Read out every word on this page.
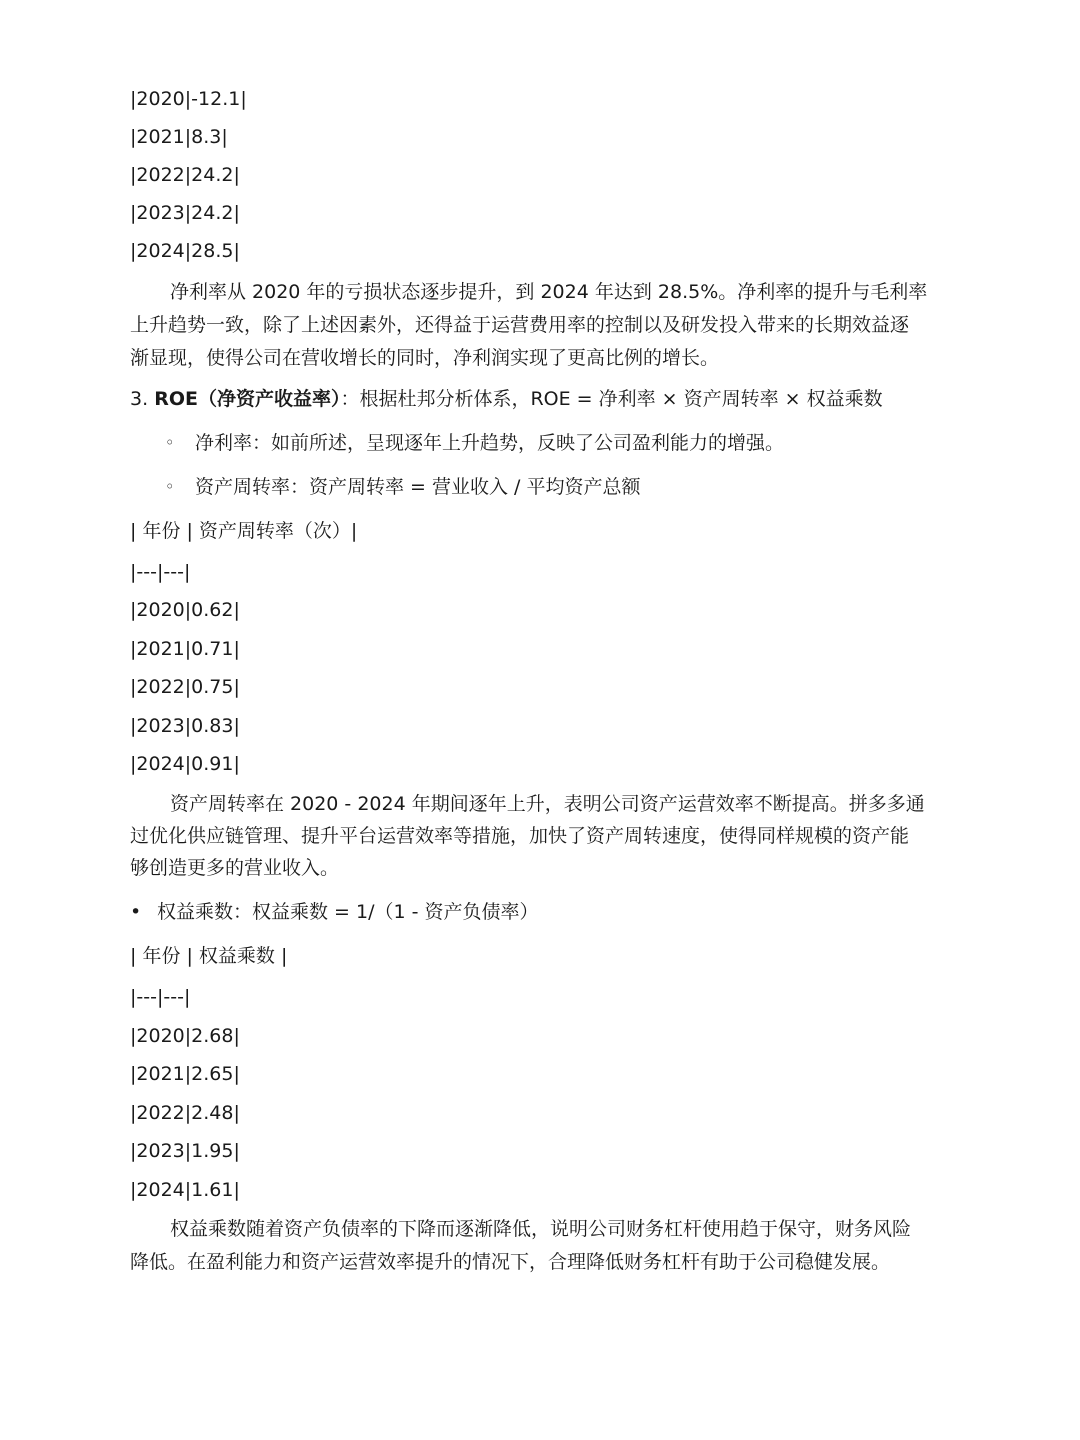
|2020|-12.1|
|2021|8.3|
|2022|24.2|
|2023|24.2|
|2024|28.5|
净利率从 2020 年的亏损状态逐步提升，到 2024 年达到 28.5%。净利率的提升与毛利率
上升趋势一致，除了上述因素外，还得益于运营费用率的控制以及研发投入带来的长期效益逐
渐显现，使得公司在营收增长的同时，净利润实现了更高比例的增长。
3. ROE（净资产收益率）：根据杜邦分析体系，ROE = 净利率 × 资产周转率 × 权益乘数
◦ 净利率：如前所述，呈现逐年上升趋势，反映了公司盈利能力的增强。
◦ 资产周转率：资产周转率 = 营业收入 / 平均资产总额
| 年份 | 资产周转率（次）|
|---|---|
|2020|0.62|
|2021|0.71|
|2022|0.75|
|2023|0.83|
|2024|0.91|
资产周转率在 2020 - 2024 年期间逐年上升，表明公司资产运营效率不断提高。拼多多通
过优化供应链管理、提升平台运营效率等措施，加快了资产周转速度，使得同样规模的资产能
够创造更多的营业收入。
• 权益乘数：权益乘数 = 1/（1 - 资产负债率）
| 年份 | 权益乘数 |
|---|---|
|2020|2.68|
|2021|2.65|
|2022|2.48|
|2023|1.95|
|2024|1.61|
权益乘数随着资产负债率的下降而逐渐降低，说明公司财务杠杆使用趋于保守，财务风险
降低。在盈利能力和资产运营效率提升的情况下，合理降低财务杠杆有助于公司稳健发展。
